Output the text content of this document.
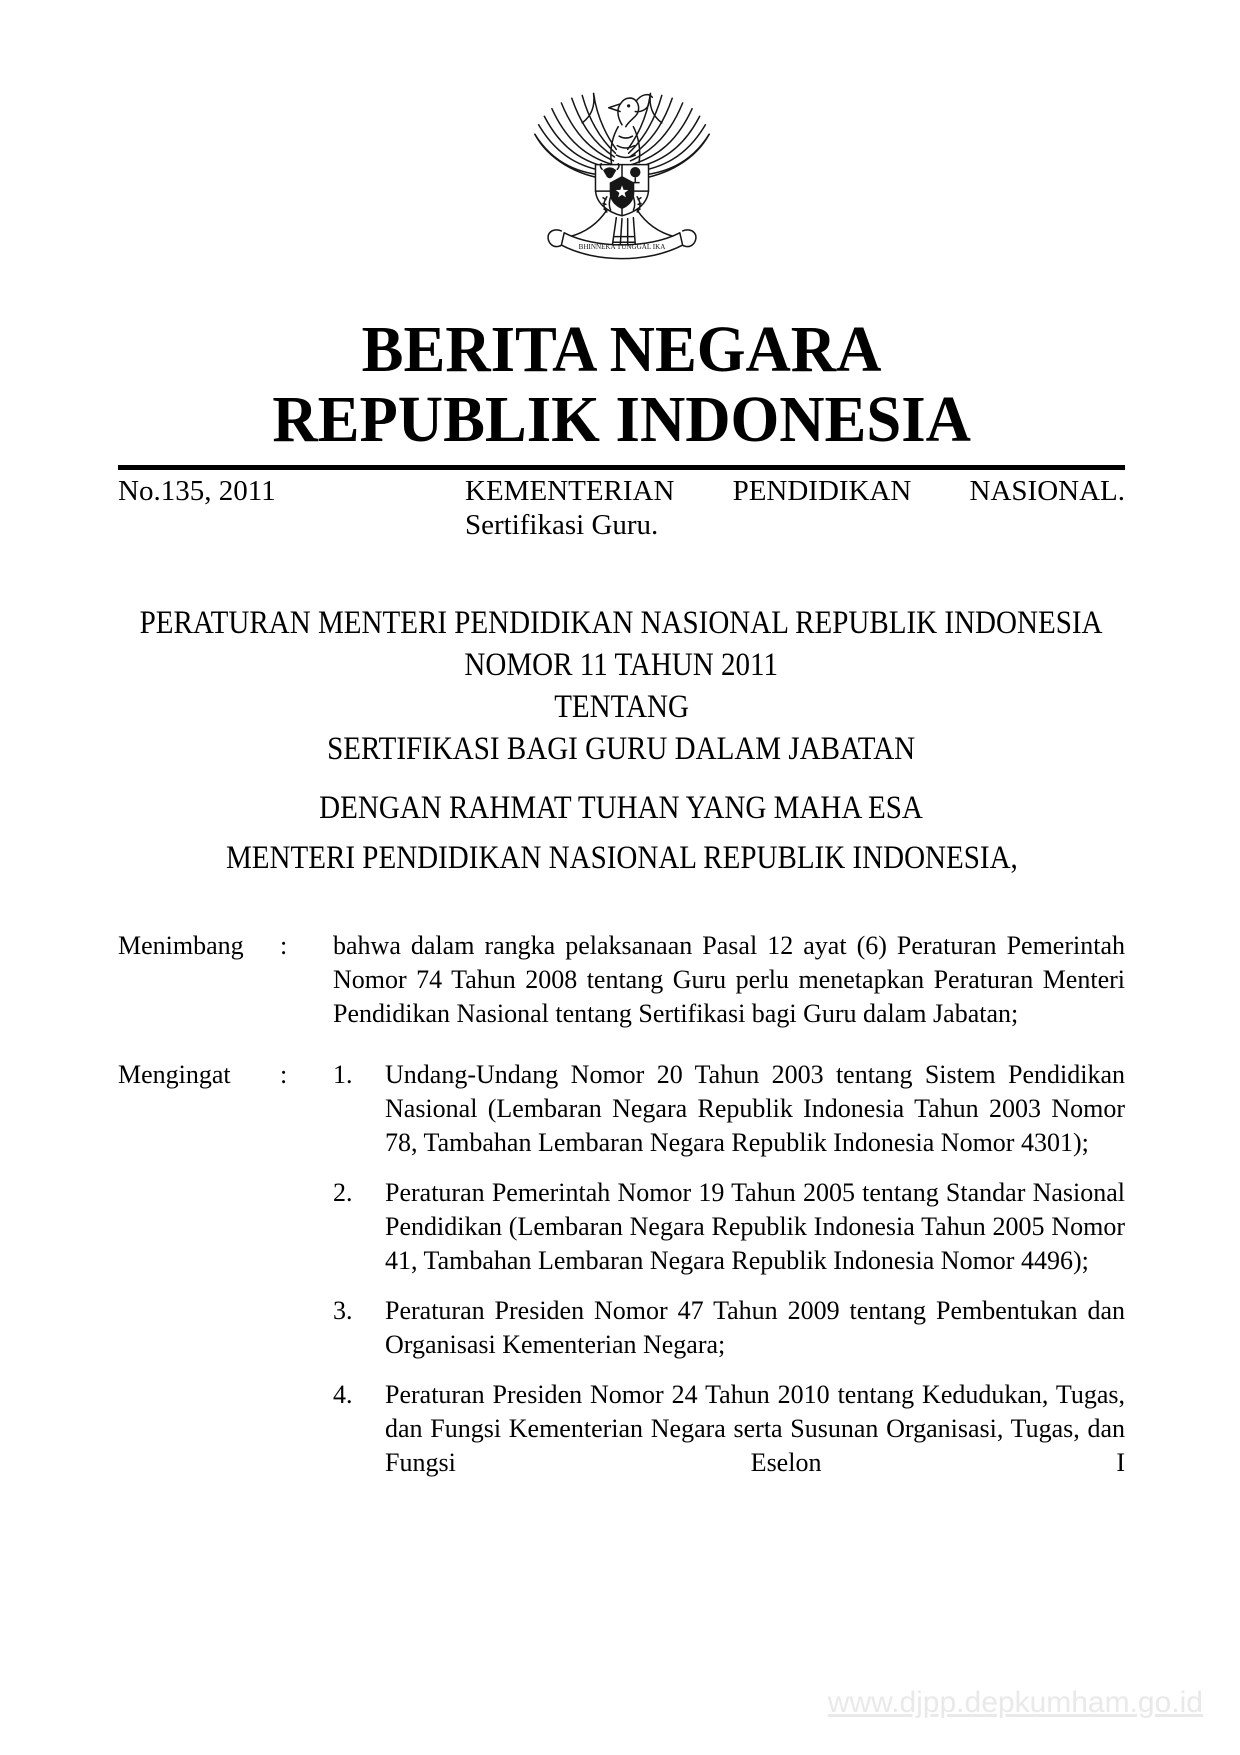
BHINNEKA TUNGGAL IKA
BERITA NEGARA
REPUBLIK INDONESIA
No.135, 2011	KEMENTERIAN PENDIDIKAN NASIONAL.
Sertifikasi Guru.
PERATURAN MENTERI PENDIDIKAN NASIONAL REPUBLIK INDONESIA
NOMOR 11 TAHUN 2011
TENTANG
SERTIFIKASI BAGI GURU DALAM JABATAN
DENGAN RAHMAT TUHAN YANG MAHA ESA
MENTERI PENDIDIKAN NASIONAL REPUBLIK INDONESIA,
Menimbang	:	bahwa dalam rangka pelaksanaan Pasal 12 ayat (6) Peraturan Pemerintah Nomor 74 Tahun 2008 tentang Guru perlu menetapkan Peraturan Menteri Pendidikan Nasional tentang Sertifikasi bagi Guru dalam Jabatan;
Mengingat	:	1.	Undang-Undang Nomor 20 Tahun 2003 tentang Sistem Pendidikan Nasional (Lembaran Negara Republik Indonesia Tahun 2003 Nomor 78, Tambahan Lembaran Negara Republik Indonesia Nomor 4301);
2.	Peraturan Pemerintah Nomor 19 Tahun 2005 tentang Standar Nasional Pendidikan (Lembaran Negara Republik Indonesia Tahun 2005 Nomor 41, Tambahan Lembaran Negara Republik Indonesia Nomor 4496);
3.	Peraturan Presiden Nomor 47 Tahun 2009 tentang Pembentukan dan Organisasi Kementerian Negara;
4.	Peraturan Presiden Nomor 24 Tahun 2010 tentang Kedudukan, Tugas, dan Fungsi Kementerian Negara serta Susunan Organisasi, Tugas, dan Fungsi Eselon I
www.djpp.depkumham.go.id
